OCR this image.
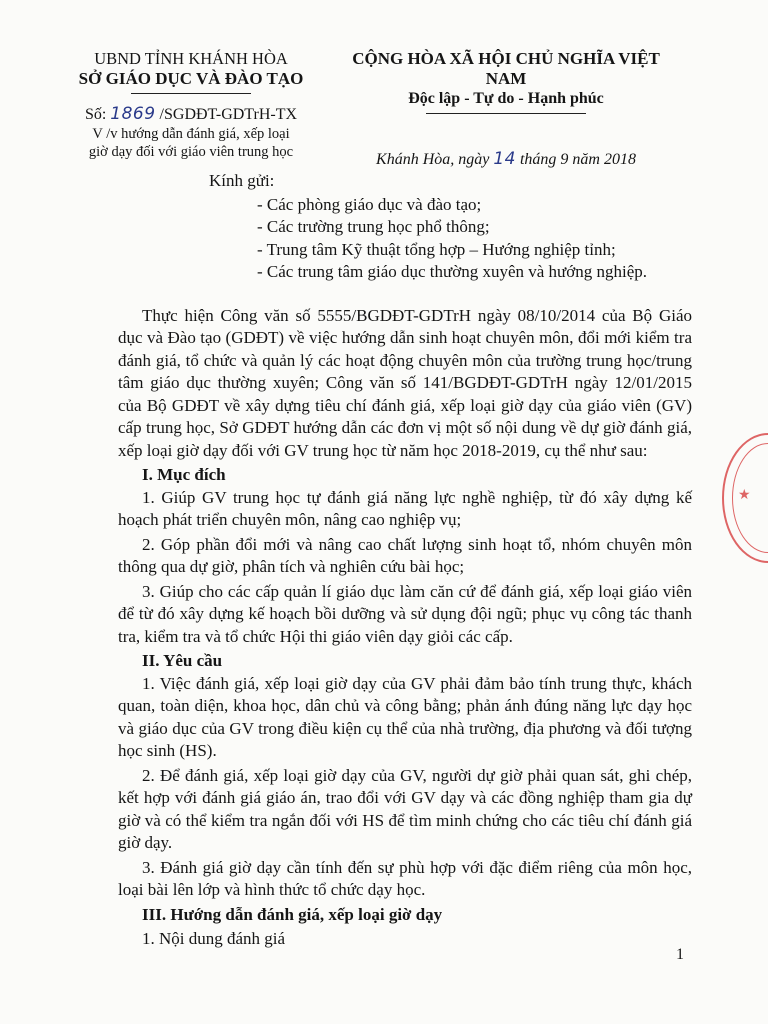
UBND TỈNH KHÁNH HÒA
SỞ GIÁO DỤC VÀ ĐÀO TẠO
Số: 1869 /SGDĐT-GDTrH-TX
V /v hướng dẫn đánh giá, xếp loại
giờ dạy đối với giáo viên trung học
CỘNG HÒA XÃ HỘI CHỦ NGHĨA VIỆT NAM
Độc lập - Tự do - Hạnh phúc
Khánh Hòa, ngày 14 tháng 9 năm 2018
Kính gửi:
- Các phòng giáo dục và đào tạo;
- Các trường trung học phổ thông;
- Trung tâm Kỹ thuật tổng hợp – Hướng nghiệp tỉnh;
- Các trung tâm giáo dục thường xuyên và hướng nghiệp.

Thực hiện Công văn số 5555/BGDĐT-GDTrH ngày 08/10/2014 của Bộ Giáo dục và Đào tạo (GDĐT) về việc hướng dẫn sinh hoạt chuyên môn, đổi mới kiểm tra đánh giá, tổ chức và quản lý các hoạt động chuyên môn của trường trung học/trung tâm giáo dục thường xuyên; Công văn số 141/BGDĐT-GDTrH ngày 12/01/2015 của Bộ GDĐT về xây dựng tiêu chí đánh giá, xếp loại giờ dạy của giáo viên (GV) cấp trung học, Sở GDĐT hướng dẫn các đơn vị một số nội dung về dự giờ đánh giá, xếp loại giờ dạy đối với GV trung học từ năm học 2018-2019, cụ thể như sau:

I. Mục đích

1. Giúp GV trung học tự đánh giá năng lực nghề nghiệp, từ đó xây dựng kế hoạch phát triển chuyên môn, nâng cao nghiệp vụ;

2. Góp phần đổi mới và nâng cao chất lượng sinh hoạt tổ, nhóm chuyên môn thông qua dự giờ, phân tích và nghiên cứu bài học;

3. Giúp cho các cấp quản lí giáo dục làm căn cứ để đánh giá, xếp loại giáo viên để từ đó xây dựng kế hoạch bồi dưỡng và sử dụng đội ngũ; phục vụ công tác thanh tra, kiểm tra và tổ chức Hội thi giáo viên dạy giỏi các cấp.

II. Yêu cầu

1. Việc đánh giá, xếp loại giờ dạy của GV phải đảm bảo tính trung thực, khách quan, toàn diện, khoa học, dân chủ và công bằng; phản ánh đúng năng lực dạy học và giáo dục của GV trong điều kiện cụ thể của nhà trường, địa phương và đối tượng học sinh (HS).

2. Để đánh giá, xếp loại giờ dạy của GV, người dự giờ phải quan sát, ghi chép, kết hợp với đánh giá giáo án, trao đổi với GV dạy và các đồng nghiệp tham gia dự giờ và có thể kiểm tra ngắn đối với HS để tìm minh chứng cho các tiêu chí đánh giá giờ dạy.

3. Đánh giá giờ dạy cần tính đến sự phù hợp với đặc điểm riêng của môn học, loại bài lên lớp và hình thức tổ chức dạy học.

III. Hướng dẫn đánh giá, xếp loại giờ dạy

1. Nội dung đánh giá

★
1
